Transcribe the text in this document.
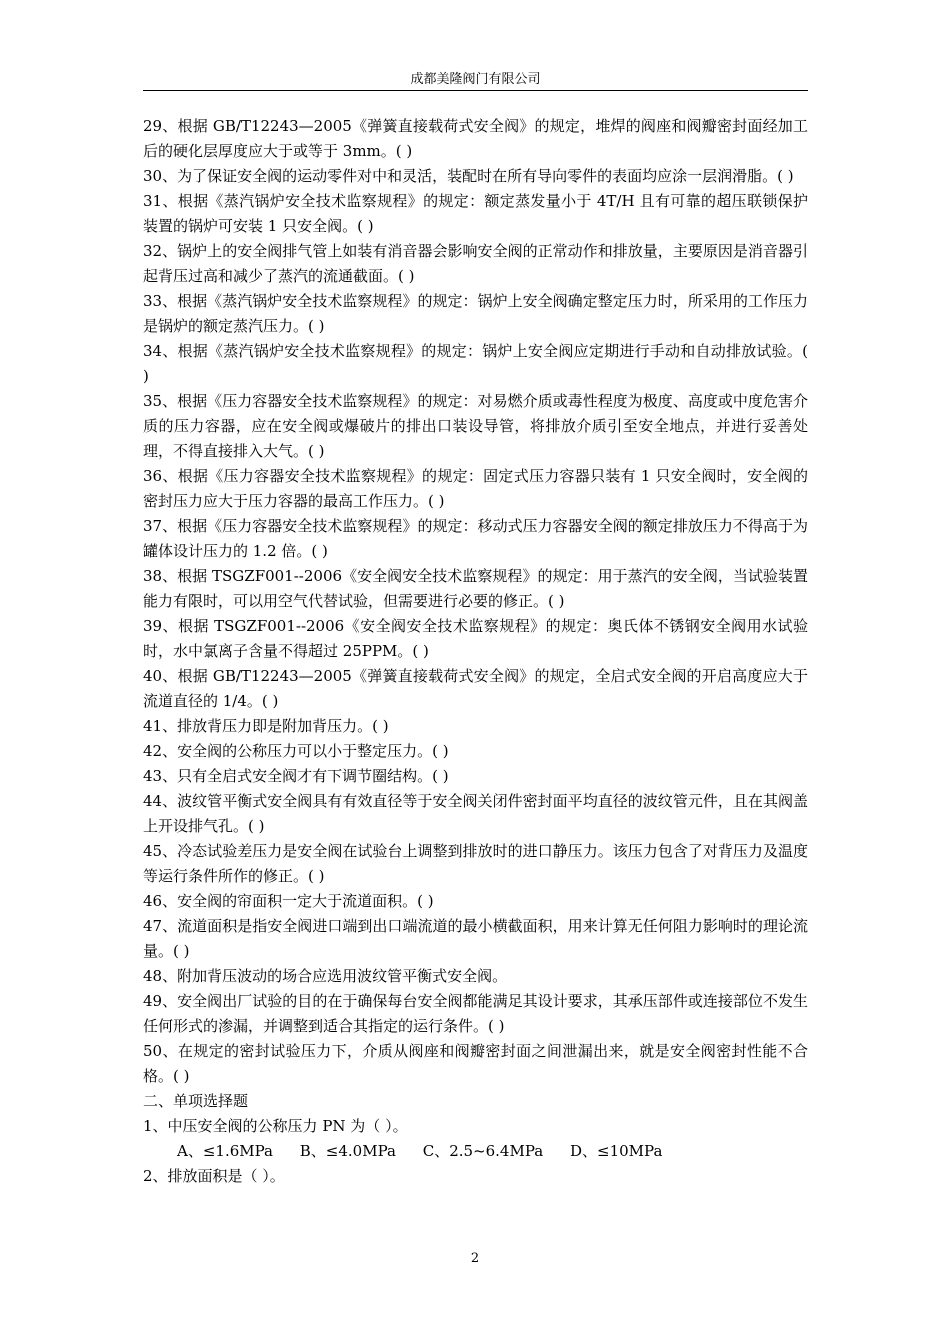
成都美隆阀门有限公司

29、根据 GB/T12243—2005《弹簧直接载荷式安全阀》的规定，堆焊的阀座和阀瓣密封面经加工后的硬化层厚度应大于或等于 3mm。( )

30、为了保证安全阀的运动零件对中和灵活，装配时在所有导向零件的表面均应涂一层润滑脂。( )

31、根据《蒸汽锅炉安全技术监察规程》的规定：额定蒸发量小于 4T/H 且有可靠的超压联锁保护装置的锅炉可安装 1 只安全阀。( )

32、锅炉上的安全阀排气管上如装有消音器会影响安全阀的正常动作和排放量，主要原因是消音器引起背压过高和减少了蒸汽的流通截面。( )

33、根据《蒸汽锅炉安全技术监察规程》的规定：锅炉上安全阀确定整定压力时，所采用的工作压力是锅炉的额定蒸汽压力。( )

34、根据《蒸汽锅炉安全技术监察规程》的规定：锅炉上安全阀应定期进行手动和自动排放试验。( )

35、根据《压力容器安全技术监察规程》的规定：对易燃介质或毒性程度为极度、高度或中度危害介质的压力容器，应在安全阀或爆破片的排出口装设导管，将排放介质引至安全地点，并进行妥善处理，不得直接排入大气。( )

36、根据《压力容器安全技术监察规程》的规定：固定式压力容器只装有 1 只安全阀时，安全阀的密封压力应大于压力容器的最高工作压力。( )

37、根据《压力容器安全技术监察规程》的规定：移动式压力容器安全阀的额定排放压力不得高于为罐体设计压力的 1.2 倍。( )

38、根据 TSGZF001--2006《安全阀安全技术监察规程》的规定：用于蒸汽的安全阀，当试验装置能力有限时，可以用空气代替试验，但需要进行必要的修正。( )

39、根据 TSGZF001--2006《安全阀安全技术监察规程》的规定：奥氏体不锈钢安全阀用水试验时，水中氯离子含量不得超过 25PPM。( )

40、根据 GB/T12243—2005《弹簧直接载荷式安全阀》的规定，全启式安全阀的开启高度应大于流道直径的 1/4。( )

41、排放背压力即是附加背压力。( )

42、安全阀的公称压力可以小于整定压力。( )

43、只有全启式安全阀才有下调节圈结构。( )

44、波纹管平衡式安全阀具有有效直径等于安全阀关闭件密封面平均直径的波纹管元件，且在其阀盖上开设排气孔。( )

45、冷态试验差压力是安全阀在试验台上调整到排放时的进口静压力。该压力包含了对背压力及温度等运行条件所作的修正。( )

46、安全阀的帘面积一定大于流道面积。( )

47、流道面积是指安全阀进口端到出口端流道的最小横截面积，用来计算无任何阻力影响时的理论流量。( )

48、附加背压波动的场合应选用波纹管平衡式安全阀。

49、安全阀出厂试验的目的在于确保每台安全阀都能满足其设计要求，其承压部件或连接部位不发生任何形式的渗漏，并调整到适合其指定的运行条件。( )

50、在规定的密封试验压力下，介质从阀座和阀瓣密封面之间泄漏出来，就是安全阀密封性能不合格。( )

二、单项选择题

1、中压安全阀的公称压力 PN 为（ ）。

A、≤1.6MPa B、≤4.0MPa C、2.5~6.4MPa D、≤10MPa

2、排放面积是（ ）。

2
